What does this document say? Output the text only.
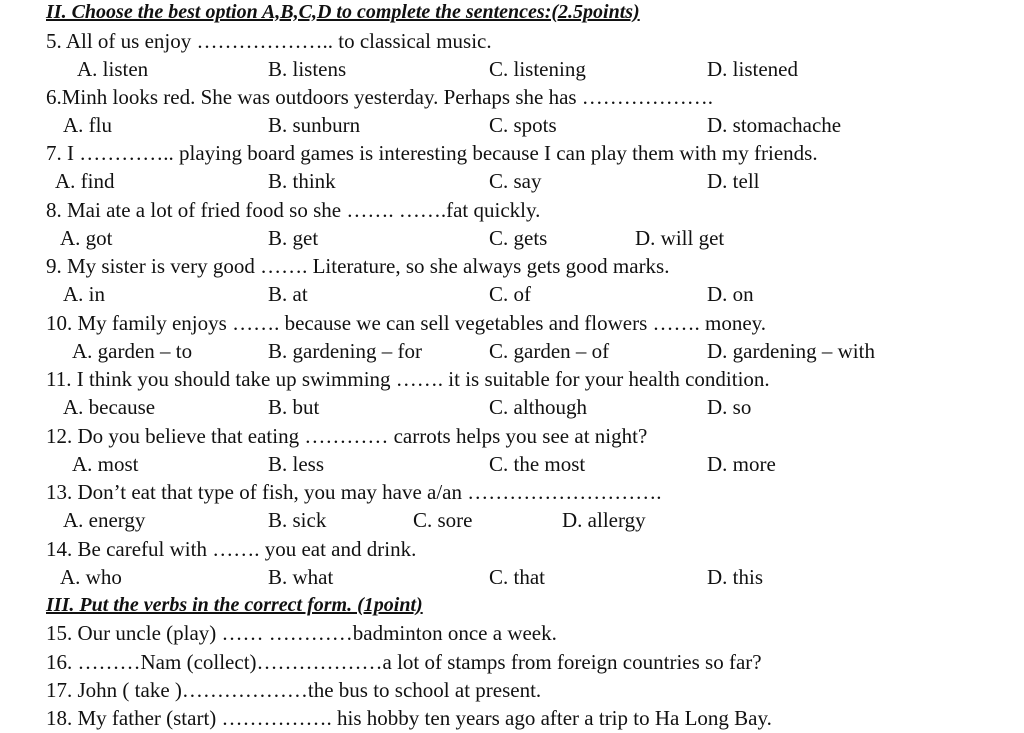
II. Choose the best option A,B,C,D to complete the sentences:(2.5points)
5. All of us enjoy ……………….. to classical music.
A. listen	B. listens	C. listening	D. listened
6.Minh looks red. She was outdoors yesterday. Perhaps she has ……………….
A. flu	B. sunburn	C. spots	D. stomachache
7. I ………….. playing board games is interesting because I can play them with my friends.
A. find	B. think	C. say	D. tell
8. Mai ate a lot of fried food so she ……. …….fat quickly.
A. got	B. get	C. gets	D. will get
9. My sister is very good ……. Literature, so she always gets good marks.
A. in	B. at	C. of	D. on
10. My family enjoys ……. because we can sell vegetables and flowers ……. money.
A. garden – to	B. gardening – for	C. garden – of	D. gardening – with
11. I think you should take up swimming ……. it is suitable for your health condition.
A. because	B. but	C. although	D. so
12. Do you believe that eating ………… carrots helps you see at night?
A. most	B. less	C. the most	D. more
13. Don’t eat that type of fish, you may have a/an ……………………….
A. energy	B. sick	C. sore	D. allergy
14. Be careful with ……. you eat and drink.
A. who	B. what	C. that	D. this
III. Put the verbs in the correct form. (1point)
15. Our uncle (play) …… …………badminton once a week.
16. ………Nam (collect)………………a lot of stamps from foreign countries so far?
17. John ( take )………………the bus to school at present.
18. My father (start) ……………. his hobby ten years ago after a trip to Ha Long Bay.
